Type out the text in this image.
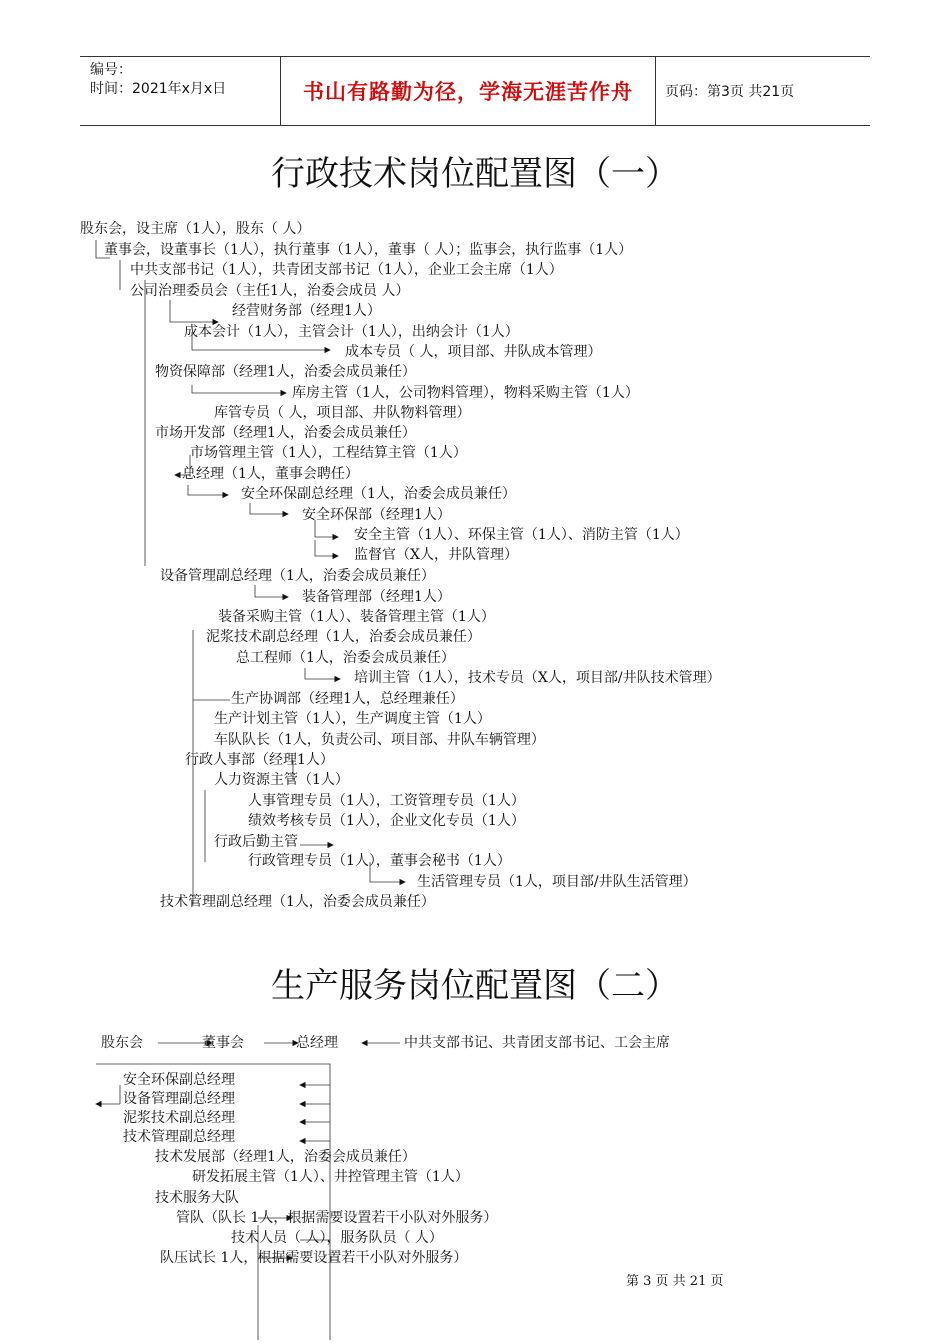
编号：
时间：2021年x月x日	书山有路勤为径，学海无涯苦作舟 页码：第3页 共21页
行政技术岗位配置图（一）
股东会，设主席（1人），股东（ 人）
董事会，设董事长（1人），执行董事（1人），董事（ 人）；监事会，执行监事（1人）
中共支部书记（1人），共青团支部书记（1人），企业工会主席（1人）
公司治理委员会（主任1人，治委会成员 人）
经营财务部（经理1人）
成本会计（1人），主管会计（1人），出纳会计（1人）
成本专员（ 人，项目部、井队成本管理）
物资保障部（经理1人，治委会成员兼任）
库房主管（1人，公司物料管理），物料采购主管（1人）
库管专员（ 人，项目部、井队物料管理）
市场开发部（经理1人，治委会成员兼任）
市场管理主管（1人），工程结算主管（1人）
总经理（1人，董事会聘任）
安全环保副总经理（1人，治委会成员兼任）
安全环保部（经理1人）
安全主管（1人）、环保主管（1人）、消防主管（1人）
监督官（X人，井队管理）
设备管理副总经理（1人，治委会成员兼任）
装备管理部（经理1人）
装备采购主管（1人）、装备管理主管（1人）
泥浆技术副总经理（1人，治委会成员兼任）
总工程师（1人，治委会成员兼任）
培训主管（1人），技术专员（X人，项目部/井队技术管理）
生产协调部（经理1人，总经理兼任）
生产计划主管（1人），生产调度主管（1人）
车队队长（1人，负责公司、项目部、井队车辆管理）
行政人事部（经理1人）
人力资源主管（1人）
人事管理专员（1人），工资管理专员（1人）
绩效考核专员（1人），企业文化专员（1人）
行政后勤主管
行政管理专员（1人），董事会秘书（1人）
生活管理专员（1人，项目部/井队生活管理）
技术管理副总经理（1人，治委会成员兼任）
生产服务岗位配置图（二）
股东会	董事会	总经理	中共支部书记、共青团支部书记、工会主席
安全环保副总经理
设备管理副总经理
泥浆技术副总经理
技术管理副总经理
技术发展部（经理1人，治委会成员兼任）
研发拓展主管（1人）、井控管理主管（1人）
技术服务大队
管队（队长 1人，根据需要设置若干小队对外服务）
技术人员（ 人），服务队员（ 人）
队压试长 1人，根据需要设置若干小队对外服务）
第 3 页 共 21 页
